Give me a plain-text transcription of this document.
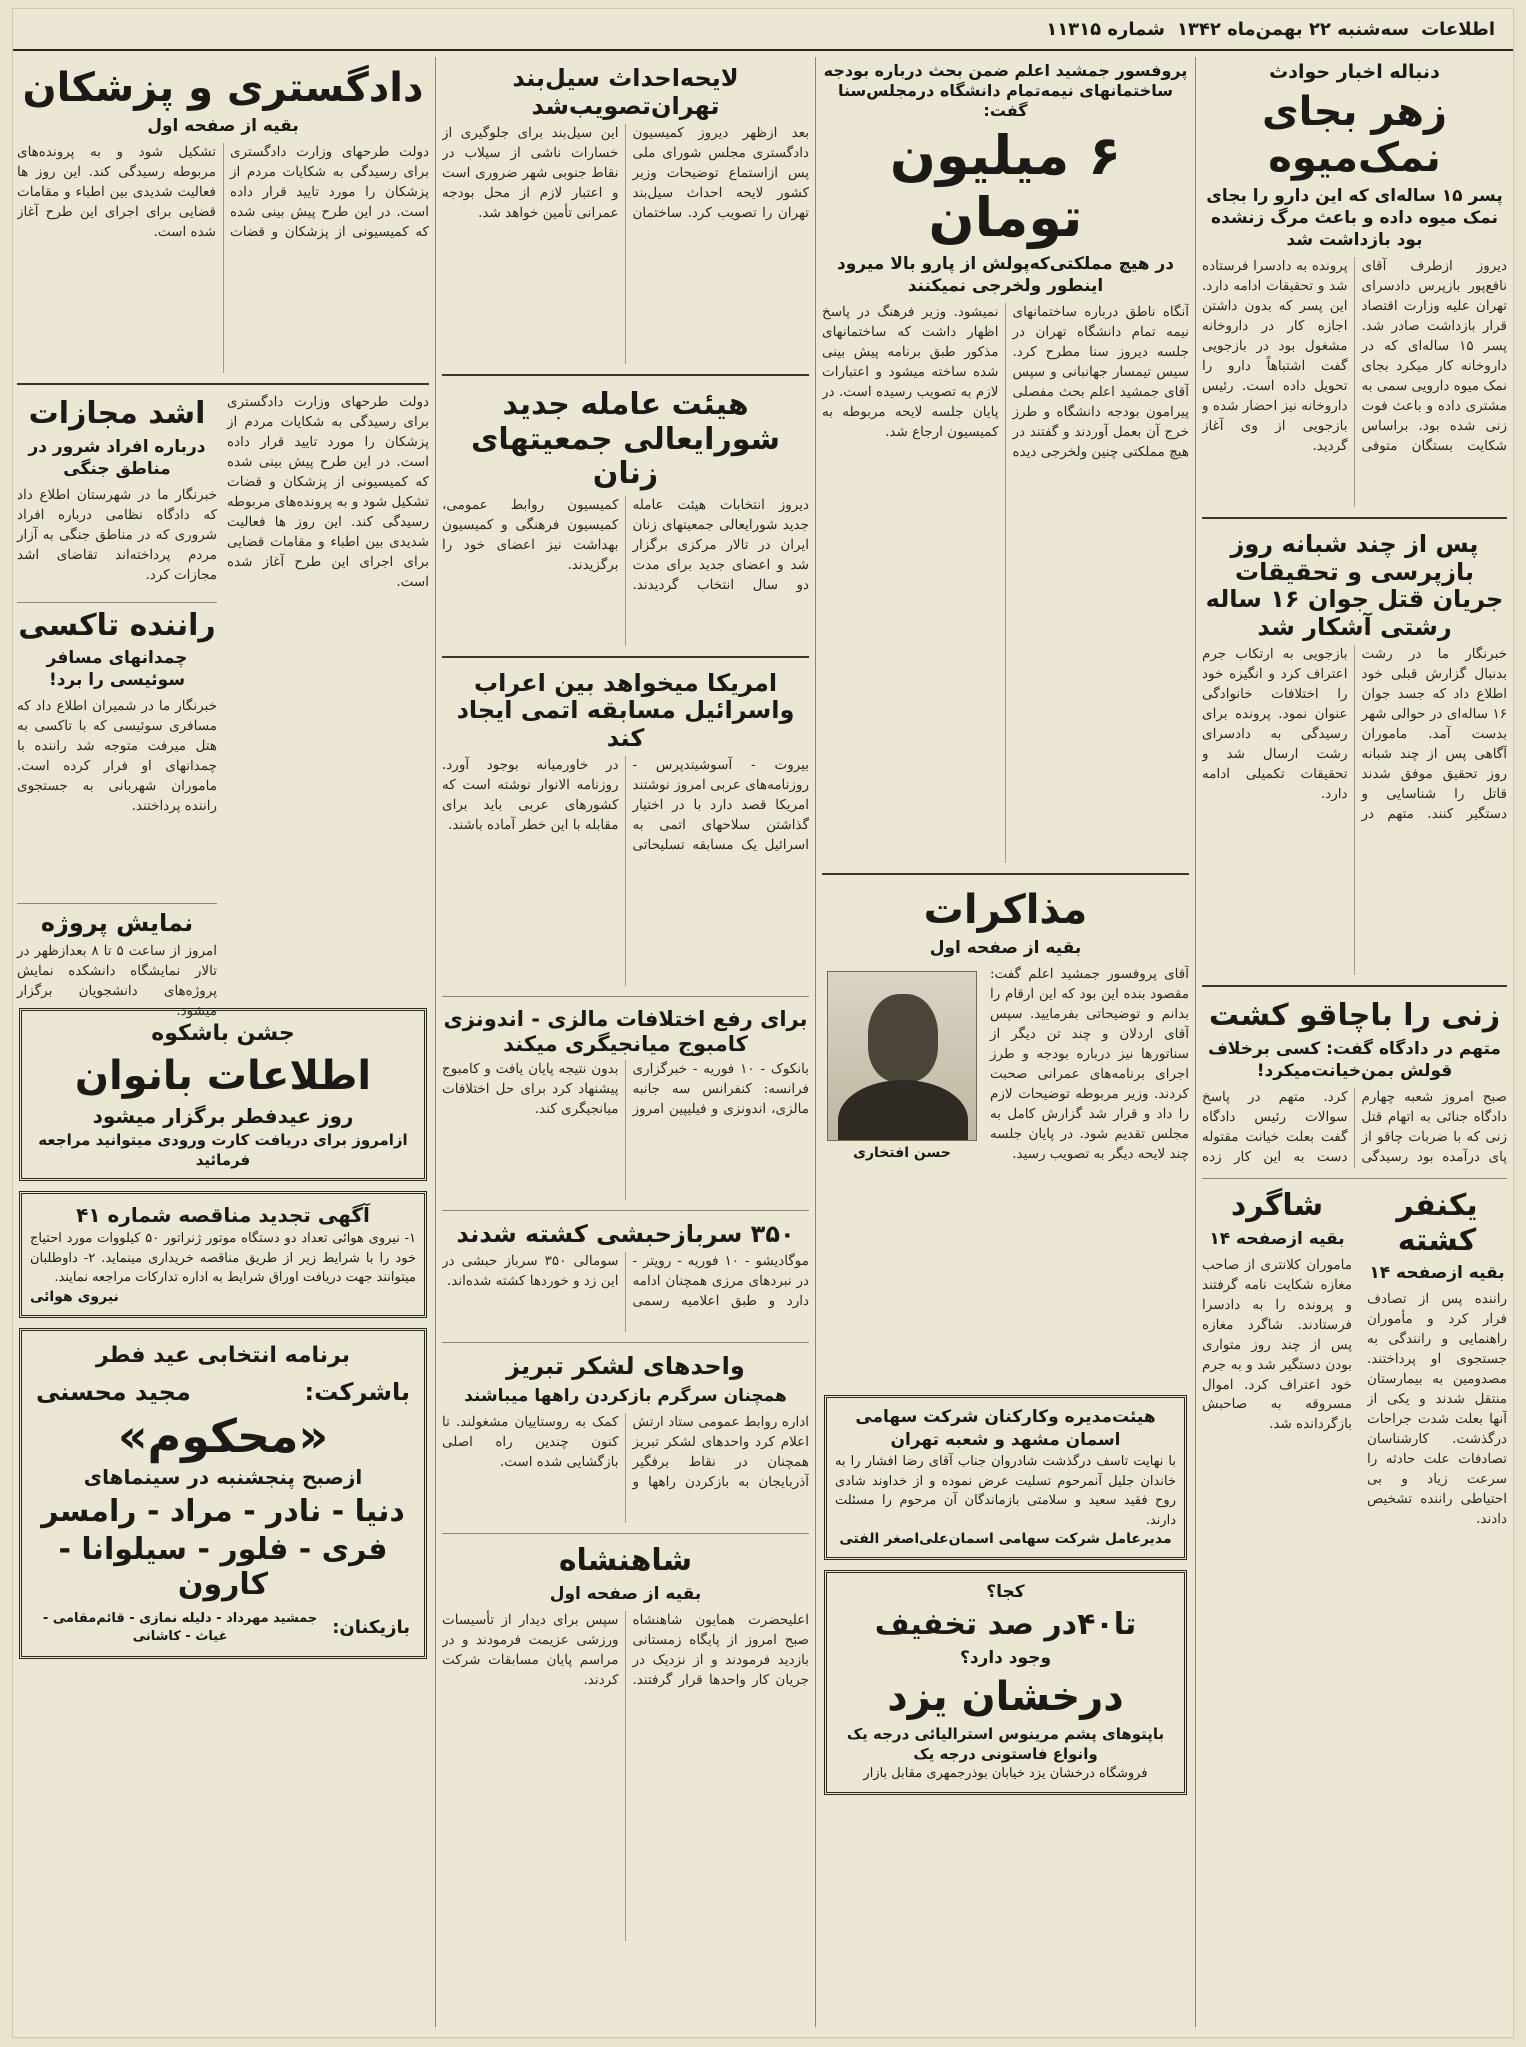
اطلاعات
سه‌شنبه ۲۲ بهمن‌ماه ۱۳۴۲
شماره ۱۱۳۱۵
دنباله اخبار حوادث
زهر بجای نمک‌میوه
پسر ۱۵ ساله‌ای که این دارو را بجای نمک میوه داده و باعث مرگ زنشده بود بازداشت شد
دیروز ازطرف آقای نافع‌پور بازپرس دادسرای تهران علیه وزارت اقتصاد قرار بازداشت صادر شد. پسر ۱۵ ساله‌ای که در داروخانه کار میکرد بجای نمک میوه دارویی سمی به مشتری داده و باعث فوت زنی شده بود. براساس شکایت بستگان متوفی پرونده به دادسرا فرستاده شد و تحقیقات ادامه دارد. این پسر که بدون داشتن اجازه کار در داروخانه مشغول بود در بازجویی گفت اشتباهاً دارو را تحویل داده است. رئیس داروخانه نیز احضار شده و بازجویی از وی آغاز گردید.
پس از چند شبانه روز بازپرسی و تحقیقات جریان قتل جوان ۱۶ ساله رشتی آشکار شد
خبرنگار ما در رشت بدنبال گزارش قبلی خود اطلاع داد که جسد جوان ۱۶ ساله‌ای در حوالی شهر بدست آمد. ماموران آگاهی پس از چند شبانه روز تحقیق موفق شدند قاتل را شناسایی و دستگیر کنند. متهم در بازجویی به ارتکاب جرم اعتراف کرد و انگیزه خود را اختلافات خانوادگی عنوان نمود. پرونده برای رسیدگی به دادسرای رشت ارسال شد و تحقیقات تکمیلی ادامه دارد.
زنی را باچاقو کشت
متهم در دادگاه گفت: کسی برخلاف قولش بمن‌خیانت‌میکرد!
صبح امروز شعبه چهارم دادگاه جنائی به اتهام قتل زنی که با ضربات چاقو از پای درآمده بود رسیدگی کرد. متهم در پاسخ سوالات رئیس دادگاه گفت بعلت خیانت مقتوله دست به این کار زده
یکنفر کشته
بقیه ازصفحه ۱۴
راننده پس از تصادف فرار کرد و مأموران راهنمایی و رانندگی به جستجوی او پرداختند. مصدومین به بیمارستان منتقل شدند و یکی از آنها بعلت شدت جراحات درگذشت. کارشناسان تصادفات علت حادثه را سرعت زیاد و بی احتیاطی راننده تشخیص دادند.
شاگرد
بقیه ازصفحه ۱۴
ماموران کلانتری از صاحب مغازه شکایت نامه گرفتند و پرونده را به دادسرا فرستادند. شاگرد مغازه پس از چند روز متواری بودن دستگیر شد و به جرم خود اعتراف کرد. اموال مسروقه به صاحبش بازگردانده شد.
پروفسور جمشید اعلم ضمن بحث درباره بودجه ساختمانهای نیمه‌تمام دانشگاه درمجلس‌سنا گفت:
۶ میلیون تومان
در هیچ مملکتی‌که‌پولش از پارو بالا میرود اینطور ولخرجی نمیکنند
آنگاه ناطق درباره ساختمانهای نیمه تمام دانشگاه تهران در جلسه دیروز سنا مطرح کرد. سیس تیمسار جهانبانی و سپس آقای جمشید اعلم بحث مفصلی پیرامون بودجه دانشگاه و طرز خرج آن بعمل آوردند و گفتند در هیچ مملکتی چنین ولخرجی دیده نمیشود. وزیر فرهنگ در پاسخ اظهار داشت که ساختمانهای مذکور طبق برنامه پیش بینی شده ساخته میشود و اعتبارات لازم به تصویب رسیده است. در پایان جلسه لایحه مربوطه به کمیسیون ارجاع شد.
مذاکرات
بقیه از صفحه اول
آقای پروفسور جمشید اعلم گفت: مقصود بنده این بود که این ارقام را بدانم و توضیحاتی بفرمایید. سپس آقای اردلان و چند تن دیگر از سناتورها نیز درباره بودجه و طرز اجرای برنامه‌های عمرانی صحبت کردند. وزیر مربوطه توضیحات لازم را داد و قرار شد گزارش کامل به مجلس تقدیم شود. در پایان جلسه چند لایحه دیگر به تصویب رسید.
حسن افتخاری
هیئت‌مدیره وکارکنان شرکت سهامی اسمان مشهد و شعبه تهران
با نهایت تاسف درگذشت شادروان جناب آقای رضا افشار را به خاندان جلیل آنمرحوم تسلیت عرض نموده و از خداوند شادی روح فقید سعید و سلامتی بازماندگان آن مرحوم را مسئلت دارند.
مدیرعامل شرکت سهامی اسمان‌علی‌اصغر الفتی
کجا؟
تا۴۰در صد تخفیف
وجود دارد؟
درخشان یزد
باپتوهای پشم مرینوس استرالیائی درجه یک وانواع فاستونی درجه یک
فروشگاه درخشان یزد خیابان بوذرجمهری مقابل بازار
لایحه‌احداث سیل‌بند تهران‌تصویب‌شد
بعد ازظهر دیروز کمیسیون دادگستری مجلس شورای ملی پس ازاستماع توضیحات وزیر کشور لایحه احداث سیل‌بند تهران را تصویب کرد. ساختمان این سیل‌بند برای جلوگیری از خسارات ناشی از سیلاب در نقاط جنوبی شهر ضروری است و اعتبار لازم از محل بودجه عمرانی تأمین خواهد شد.
هیئت عامله جدید شورایعالی جمعیتهای زنان
دیروز انتخابات هیئت عامله جدید شورایعالی جمعیتهای زنان ایران در تالار مرکزی برگزار شد و اعضای جدید برای مدت دو سال انتخاب گردیدند. کمیسیون روابط عمومی، کمیسیون فرهنگی و کمیسیون بهداشت نیز اعضای خود را برگزیدند.
امریکا میخواهد بین اعراب واسرائیل مسابقه اتمی ایجاد کند
بیروت - آسوشیتدپرس - روزنامه‌های عربی امروز نوشتند امریکا قصد دارد با در اختیار گذاشتن سلاحهای اتمی به اسرائیل یک مسابقه تسلیحاتی در خاورمیانه بوجود آورد. روزنامه الانوار نوشته است که کشورهای عربی باید برای مقابله با این خطر آماده باشند.
برای رفع اختلافات مالزی - اندونزی کامبوج میانجیگری میکند
بانکوک - ۱۰ فوریه - خبرگزاری فرانسه: کنفرانس سه جانبه مالزی، اندونزی و فیلیپین امروز بدون نتیجه پایان یافت و کامبوج پیشنهاد کرد برای حل اختلافات میانجیگری کند.
۳۵۰ سربازحبشی کشته شدند
موگادیشو - ۱۰ فوریه - رویتر - در نبردهای مرزی همچنان ادامه دارد و طبق اعلامیه رسمی سومالی ۳۵۰ سرباز حبشی در این زد و خوردها کشته شده‌اند.
واحدهای لشکر تبریز
همچنان سرگرم بازکردن راهها میباشند
اداره روابط عمومی ستاد ارتش اعلام کرد واحدهای لشکر تبریز همچنان در نقاط برفگیر آذربایجان به بازکردن راهها و کمک به روستاییان مشغولند. تا کنون چندین راه اصلی بازگشایی شده است.
شاهنشاه
بقیه از صفحه اول
اعلیحضرت همایون شاهنشاه صبح امروز از پایگاه زمستانی بازدید فرمودند و از نزدیک در جریان کار واحدها قرار گرفتند. سپس برای دیدار از تأسیسات ورزشی عزیمت فرمودند و در مراسم پایان مسابقات شرکت کردند.
دادگستری و پزشکان
بقیه از صفحه اول
دولت طرحهای وزارت دادگستری برای رسیدگی به شکایات مردم از پزشکان را مورد تایید قرار داده است. در این طرح پیش بینی شده که کمیسیونی از پزشکان و قضات تشکیل شود و به پرونده‌های مربوطه رسیدگی کند. این روز ها فعالیت شدیدی بین اطباء و مقامات قضایی برای اجرای این طرح آغاز شده است.
دولت طرحهای وزارت دادگستری برای رسیدگی به شکایات مردم از پزشکان را مورد تایید قرار داده است. در این طرح پیش بینی شده که کمیسیونی از پزشکان و قضات تشکیل شود و به پرونده‌های مربوطه رسیدگی کند. این روز ها فعالیت شدیدی بین اطباء و مقامات قضایی برای اجرای این طرح آغاز شده است.
اشد مجازات
درباره افراد شرور در مناطق جنگی
خبرنگار ما در شهرستان اطلاع داد که دادگاه نظامی درباره افراد شروری که در مناطق جنگی به آزار مردم پرداخته‌اند تقاضای اشد مجازات کرد.
راننده تاکسی
چمدانهای مسافر سوئیسی را برد!
خبرنگار ما در شمیران اطلاع داد که مسافری سوئیسی که با تاکسی به هتل میرفت متوجه شد راننده با چمدانهای او فرار کرده است. ماموران شهربانی به جستجوی راننده پرداختند.
نمایش پروژه
امروز از ساعت ۵ تا ۸ بعدازظهر در تالار نمایشگاه دانشکده نمایش پروژه‌های دانشجویان برگزار میشود.
جشن باشکوه
اطلاعات بانوان
روز عیدفطر برگزار میشود
ازامروز برای دریافت کارت ورودی میتوانید مراجعه فرمائید
آگهی تجدید مناقصه شماره ۴۱
۱- نیروی هوائی تعداد دو دستگاه موتور ژنراتور ۵۰ کیلووات مورد احتیاج خود را با شرایط زیر از طریق مناقصه خریداری مینماید. ۲- داوطلبان میتوانند جهت دریافت اوراق شرایط به اداره تدارکات مراجعه نمایند.
نیروی هوائی
برنامه انتخابی عید فطر
باشرکت:
مجید محسنی
«محکوم»
ازصبح پنجشنبه در سینماهای
دنیا - نادر - مراد - رامسر
فری - فلور - سیلوانا - کارون
بازیکنان:
جمشید مهرداد - دلیله نمازی - قائم‌مقامی - غیاث - کاشانی
